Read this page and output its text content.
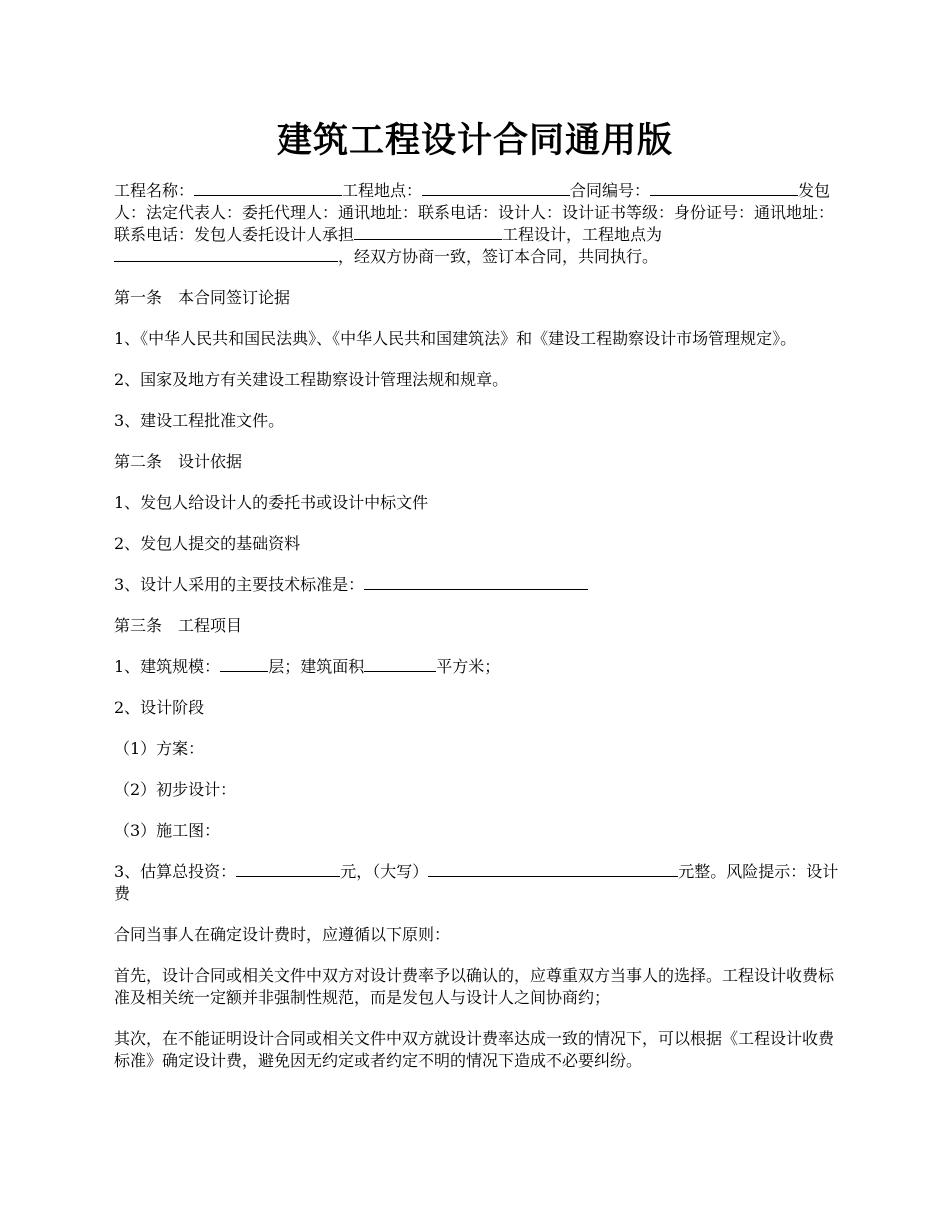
建筑工程设计合同通用版

工程名称：	工程地点：	合同编号：	发包人：法定代表人：委托代理人：通讯地址：联系电话：设计人：设计证书等级：身份证号：通讯地址：联系电话：发包人委托设计人承担	工程设计，工程地点为，经双方协商一致，签订本合同，共同执行。

第一条　本合同签订论据

1、《中华人民共和国民法典》、《中华人民共和国建筑法》和《建设工程勘察设计市场管理规定》。

2、国家及地方有关建设工程勘察设计管理法规和规章。

3、建设工程批准文件。

第二条　设计依据

1、发包人给设计人的委托书或设计中标文件

2、发包人提交的基础资料

3、设计人采用的主要技术标准是：

第三条　工程项目

1、建筑规模：	层；建筑面积	平方米；

2、设计阶段

（1）方案：

（2）初步设计：

（3）施工图：

3、估算总投资：	元，（大写）	元整。风险提示：设计费

合同当事人在确定设计费时，应遵循以下原则：

首先，设计合同或相关文件中双方对设计费率予以确认的，应尊重双方当事人的选择。工程设计收费标准及相关统一定额并非强制性规范，而是发包人与设计人之间协商约；

其次，在不能证明设计合同或相关文件中双方就设计费率达成一致的情况下，可以根据《工程设计收费标准》确定设计费，避免因无约定或者约定不明的情况下造成不必要纠纷。
